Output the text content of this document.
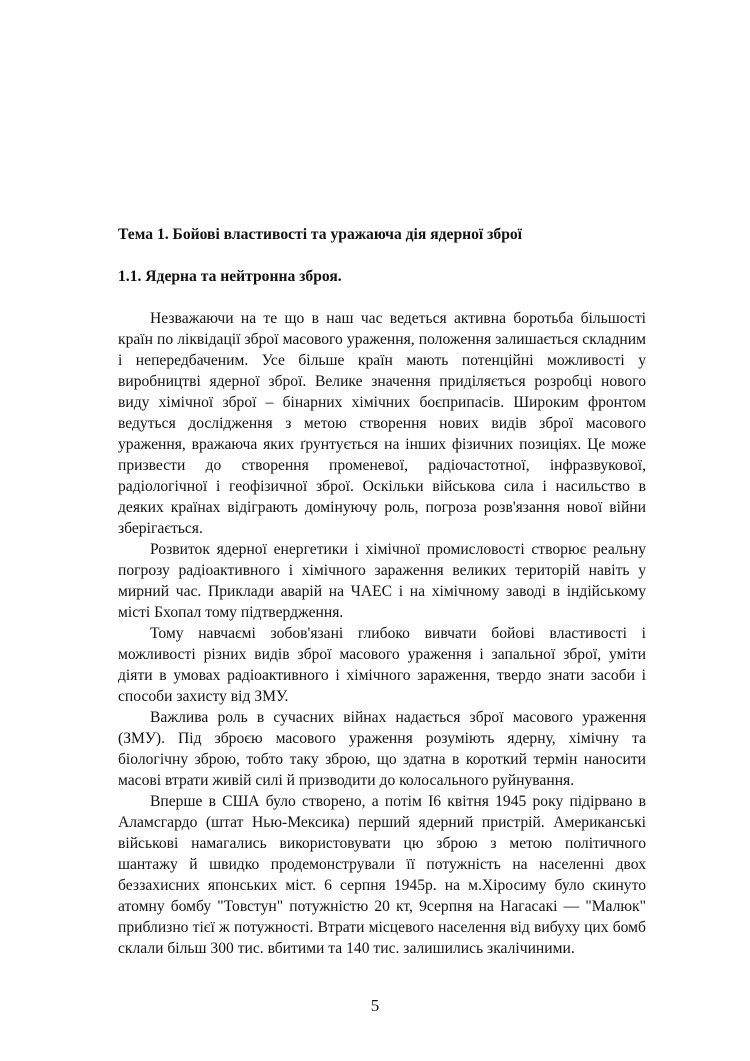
Тема 1. Бойові властивості та уражаюча дія ядерної зброї
1.1. Ядерна та нейтронна зброя.

Незважаючи на те що в наш час ведеться активна боротьба більшості країн по ліквідації зброї масового ураження, положення залишається складним і непередбаченим. Усе більше країн мають потенційні можливості у виробництві ядерної зброї. Велике значення приділяється розробці нового виду хімічної зброї – бінарних хімічних боєприпасів. Широким фронтом ведуться дослідження з метою створення нових видів зброї масового ураження, вражаюча яких ґрунтується на інших фізичних позиціях. Це може призвести до створення променевої, радіочастотної, інфразвукової, радіологічної і геофізичної зброї. Оскільки військова сила і насильство в деяких країнах відіграють домінуючу роль, погроза розв'язання нової війни зберігається.

Розвиток ядерної енергетики і хімічної промисловості створює реальну погрозу радіоактивного і хімічного зараження великих територій навіть у мирний час. Приклади аварій на ЧАЕС і на хімічному заводі в індійському місті Бхопал тому підтвердження.

Тому навчаємі зобов'язані глибоко вивчати бойові властивості і можливості різних видів зброї масового ураження і запальної зброї, уміти діяти в умовах радіоактивного і хімічного зараження, твердо знати засоби і способи захисту від ЗМУ.

Важлива роль в сучасних війнах надається зброї масового ураження (ЗМУ). Під зброєю масового ураження розуміють ядерну, хімічну та біологічну зброю, тобто таку зброю, що здатна в короткий термін наносити масові втрати живій силі й призводити до колосального руйнування.

Вперше в США було створено, а потім І6 квітня 1945 року підірвано в Аламсгардо (штат Нью-Мексика) перший ядерний пристрій. Американські військові намагались використовувати цю зброю з метою політичного шантажу й швидко продемонстрували її потужність на населенні двох беззахисних японських міст. 6 серпня 1945р. на м.Хіросиму було скинуто атомну бомбу "Товстун" потужністю 20 кт, 9серпня на Нагасакі — "Малюк" приблизно тієї ж потужності. Втрати місцевого населення від вибуху цих бомб склали більш 300 тис. вбитими та 140 тис. залишились зкалічиними.

5
